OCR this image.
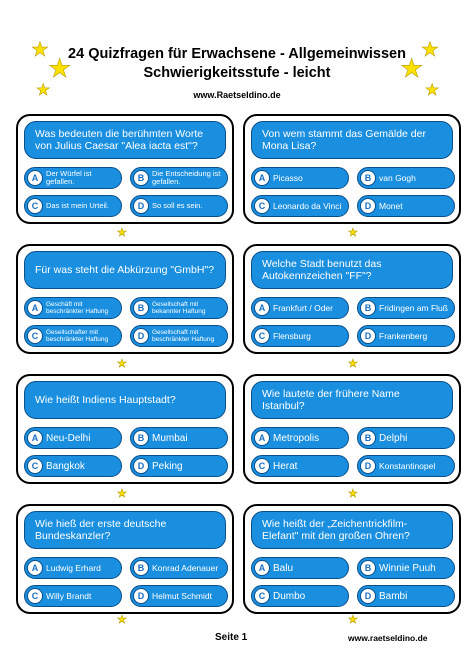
24 Quizfragen für Erwachsene - Allgemeinwissen
Schwierigkeitsstufe - leicht
www.Raetseldino.de
★
★
★
★
★
★
★	★
★	★
★	★
★	★
Was bedeuten die berühmten Worte von Julius Caesar "Alea iacta est"?
A	Der Würfel ist gefallen.	B	Die Entscheidung ist gefallen.
C	Das ist mein Urteil.	D	So soll es sein.
Von wem stammt das Gemälde der Mona Lisa?
A Picasso	B van Gogh
C Leonardo da Vinci	D Monet
Für was steht die Abkürzung "GmbH"?
A	Geschäft mit beschränkter Haftung	B	Gesellschaft mit bekannter Haftung
C	Gesellschafter mit beschränkter Haftung	D	Gesellschaft mit beschränkter Haftung
Welche Stadt benutzt das Autokennzeichen "FF"?
A Frankfurt / Oder	B Fridingen am Fluß
C Flensburg	D Frankenberg
Wie heißt Indiens Hauptstadt?
A Neu-Delhi	B Mumbai
C Bangkok	D Peking
Wie lautete der frühere Name Istanbul?
A Metropolis	B Delphi
C Herat	D Konstantinopel
Wie hieß der erste deutsche Bundeskanzler?
A Ludwig Erhard	B Konrad Adenauer
C Willy Brandt	D Helmut Schmidt
Wie heißt der „Zeichentrickfilm-Elefant" mit den großen Ohren?
A Balu	B Winnie Puuh
C Dumbo	D Bambi
Seite 1	www.raetseldino.de
